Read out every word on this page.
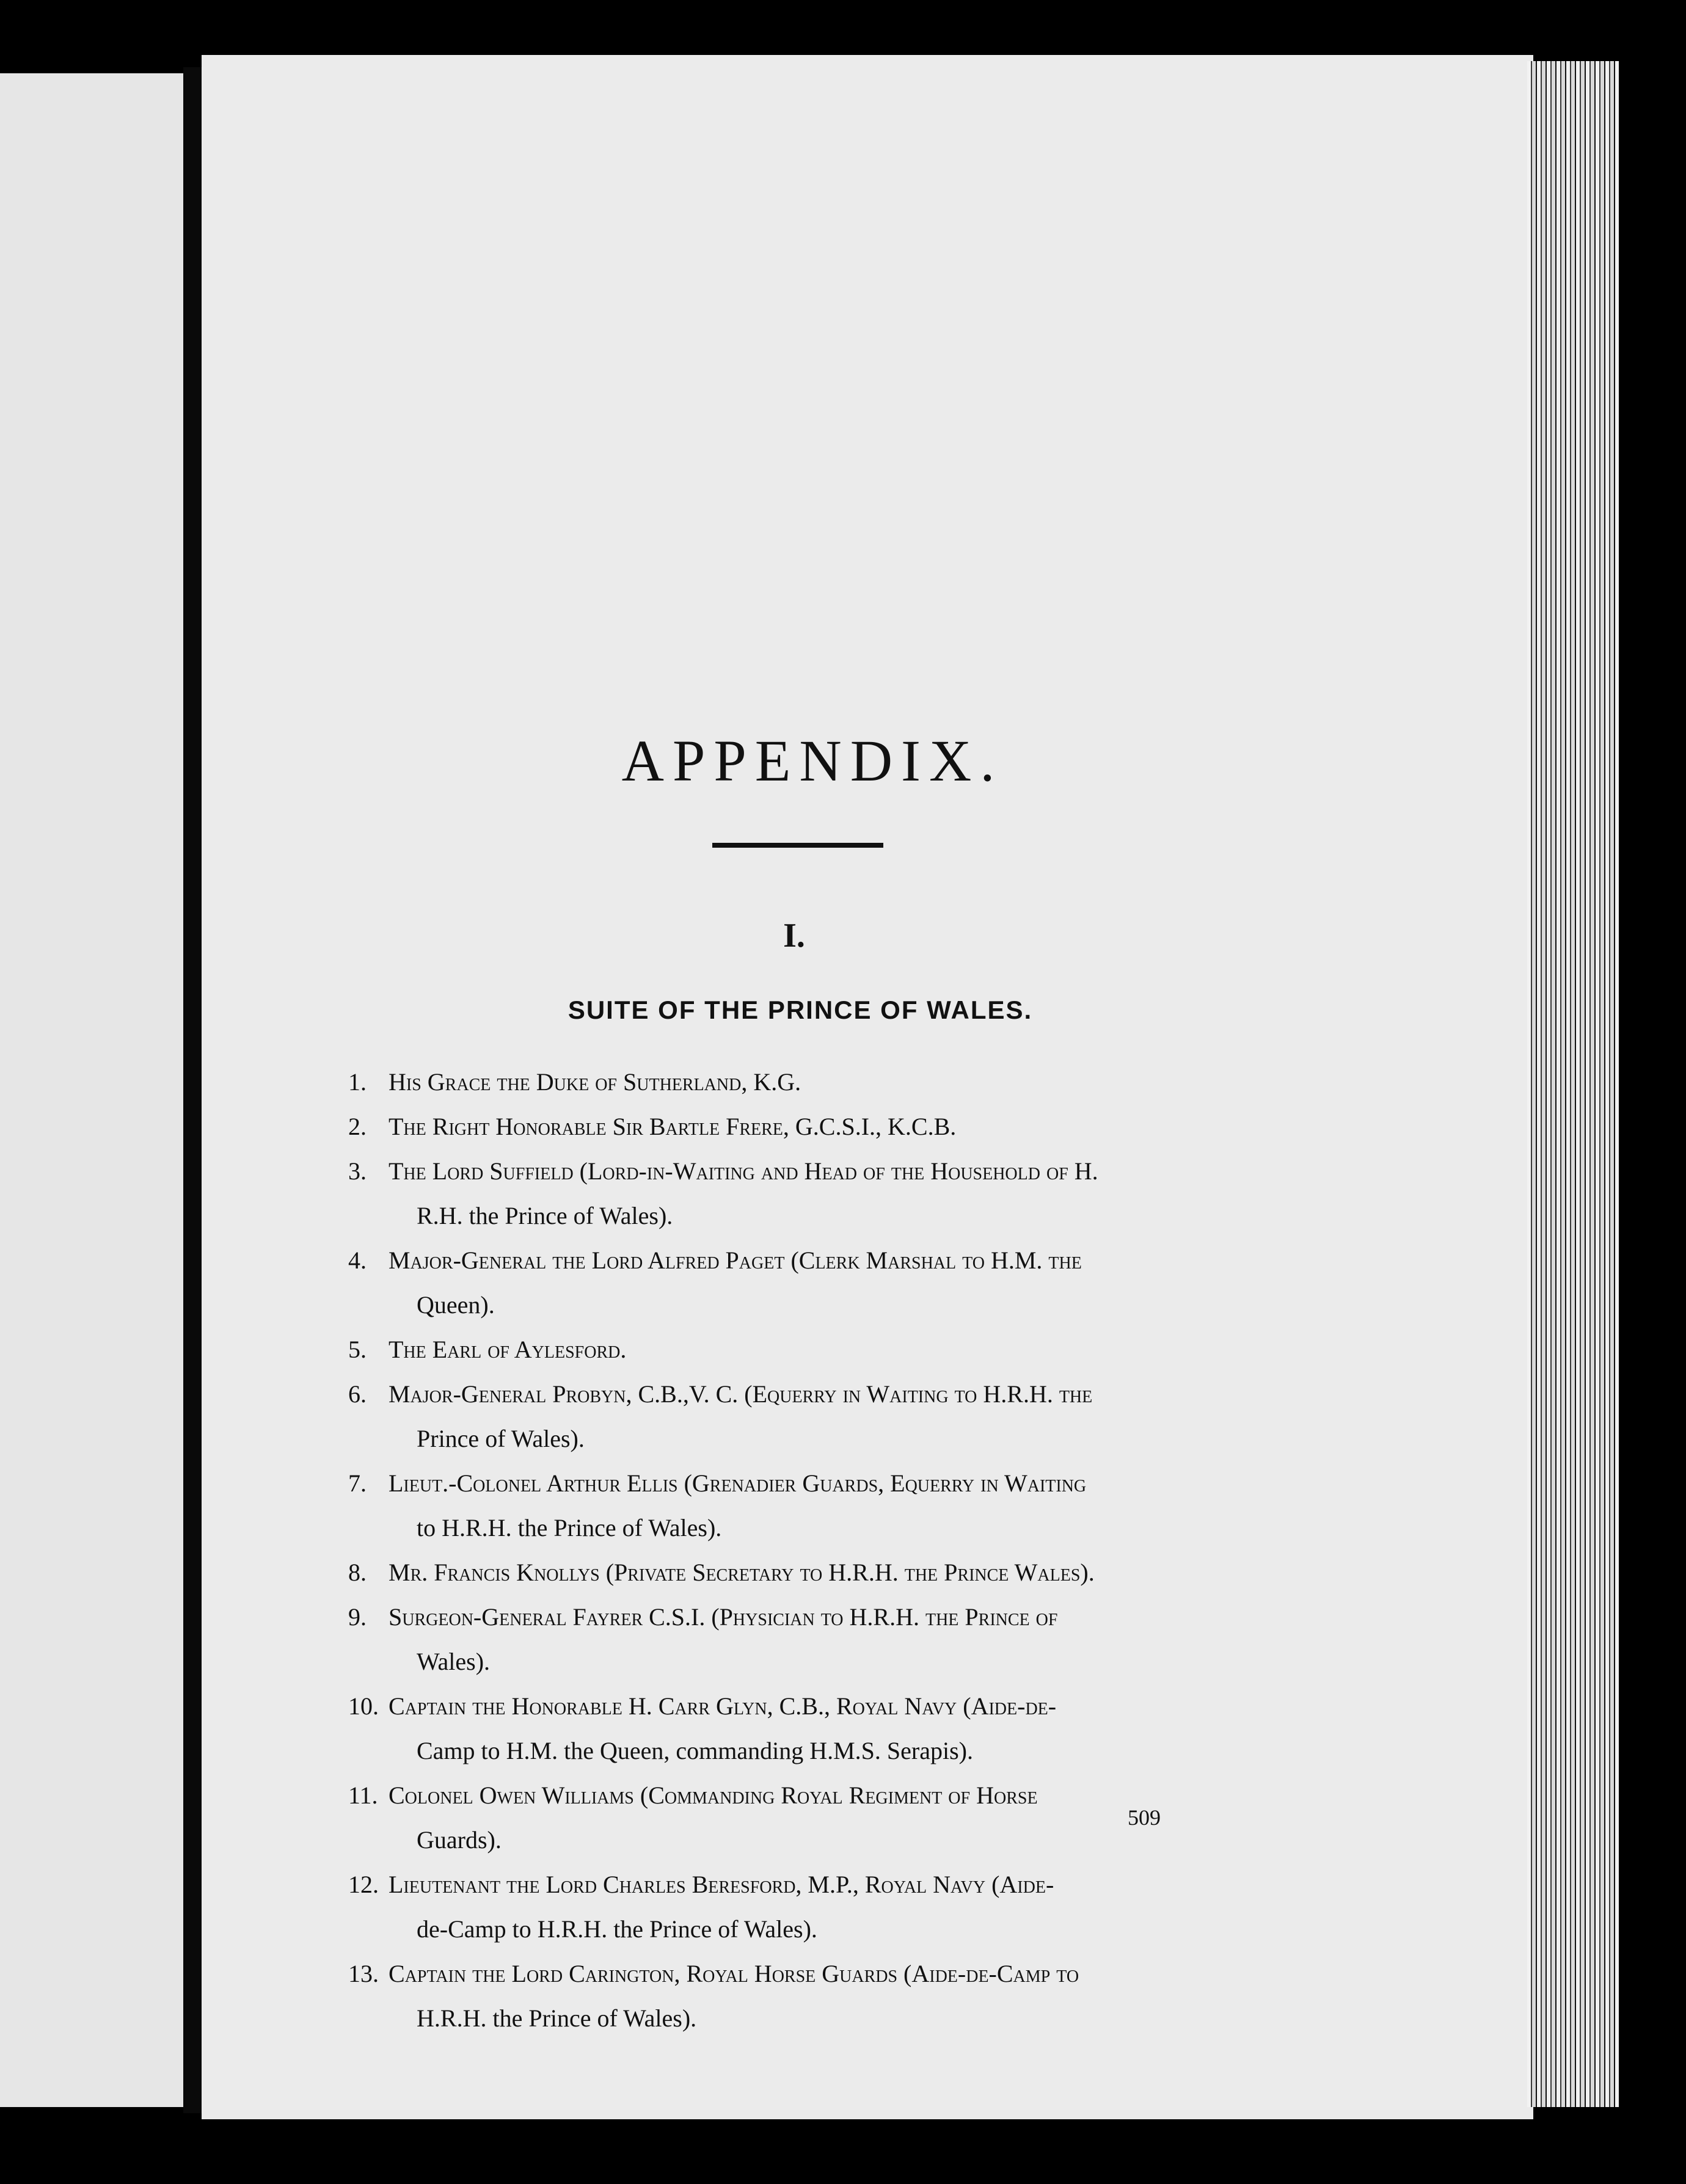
APPENDIX.
I.
SUITE OF THE PRINCE OF WALES.
1. His Grace the Duke of Sutherland, K.G.
2. The Right Honorable Sir Bartle Frere, G.C.S.I., K.C.B.
3. The Lord Suffield (Lord-in-Waiting and Head of the Household of H.
R.H. the Prince of Wales).
4. Major-General the Lord Alfred Paget (Clerk Marshal to H.M. the
Queen).
5. The Earl of Aylesford.
6. Major-General Probyn, C.B.,V. C. (Equerry in Waiting to H.R.H. the
Prince of Wales).
7. Lieut.-Colonel Arthur Ellis (Grenadier Guards, Equerry in Waiting
to H.R.H. the Prince of Wales).
8. Mr. Francis Knollys (Private Secretary to H.R.H. the Prince Wales).
9. Surgeon-General Fayrer C.S.I. (Physician to H.R.H. the Prince of
Wales).
10. Captain the Honorable H. Carr Glyn, C.B., Royal Navy (Aide-de-
Camp to H.M. the Queen, commanding H.M.S. Serapis).
11. Colonel Owen Williams (Commanding Royal Regiment of Horse
Guards).
12. Lieutenant the Lord Charles Beresford, M.P., Royal Navy (Aide-
de-Camp to H.R.H. the Prince of Wales).
13. Captain the Lord Carington, Royal Horse Guards (Aide-de-Camp to
H.R.H. the Prince of Wales).
509
